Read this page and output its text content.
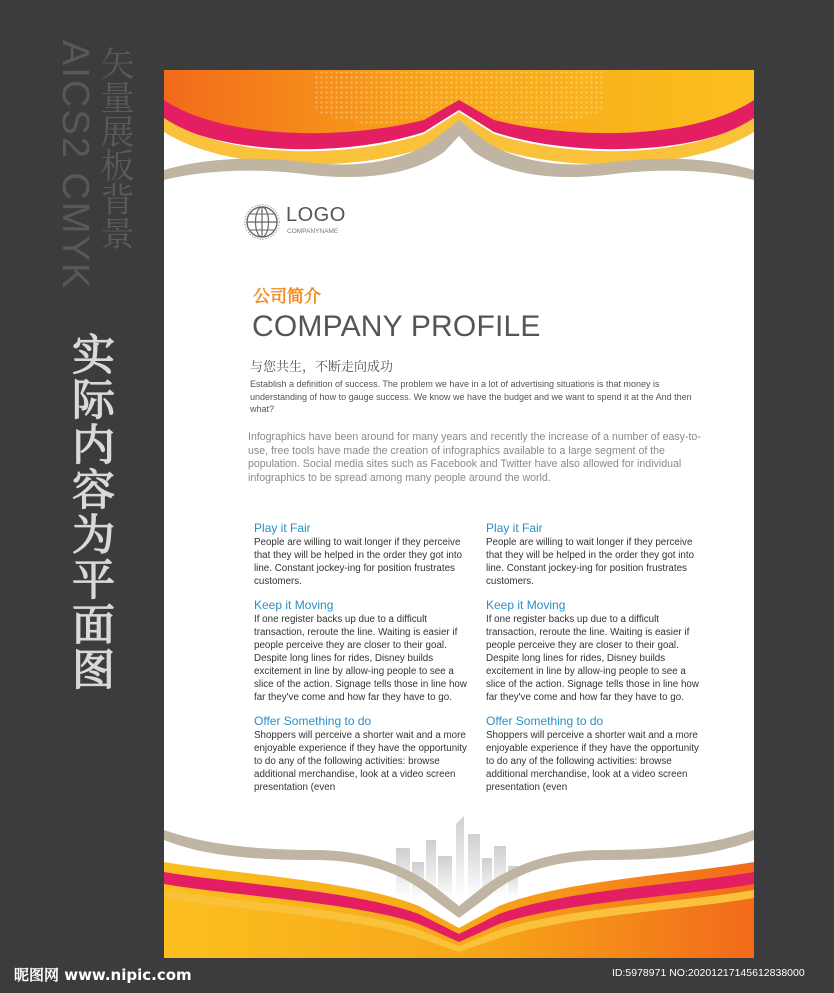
AICS2 CMYK
矢量展板背景
实际内容为平面图
LOGO
COMPANYNAME
公司简介
COMPANY PROFILE
与您共生，不断走向成功
Establish a definition of success. The problem we have in a lot of advertising situations is that money is understanding of how to gauge success. We know we have the budget and we want to spend it at the And then what?
Infographics have been around for many years and recently the increase of a number of easy-to-use, free tools have made the creation of infographics available to a large segment of the population. Social media sites such as Facebook and Twitter have also allowed for individual infographics to be spread among many people around the world.
Play it Fair
People are willing to wait longer if they perceive that they will be helped in the order they got into line. Constant jockey-ing for position frustrates customers.
Keep it Moving
If one register backs up due to a difficult transaction, reroute the line. Waiting is easier if people perceive they are closer to their goal. Despite long lines for rides, Disney builds excitement in line by allow-ing people to see a slice of the action. Signage tells those in line how far they've come and how far they have to go.
Offer Something to do
Shoppers will perceive a shorter wait and a more enjoyable experience if they have the opportunity to do any of the following activities: browse additional merchandise, look at a video screen presentation (even
Play it Fair
People are willing to wait longer if they perceive that they will be helped in the order they got into line. Constant jockey-ing for position frustrates customers.
Keep it Moving
If one register backs up due to a difficult transaction, reroute the line. Waiting is easier if people perceive they are closer to their goal. Despite long lines for rides, Disney builds excitement in line by allow-ing people to see a slice of the action. Signage tells those in line how far they've come and how far they have to go.
Offer Something to do
Shoppers will perceive a shorter wait and a more enjoyable experience if they have the opportunity to do any of the following activities: browse additional merchandise, look at a video screen presentation (even
昵图网 www.nipic.com	ID:5978971 NO:20201217145612838000
